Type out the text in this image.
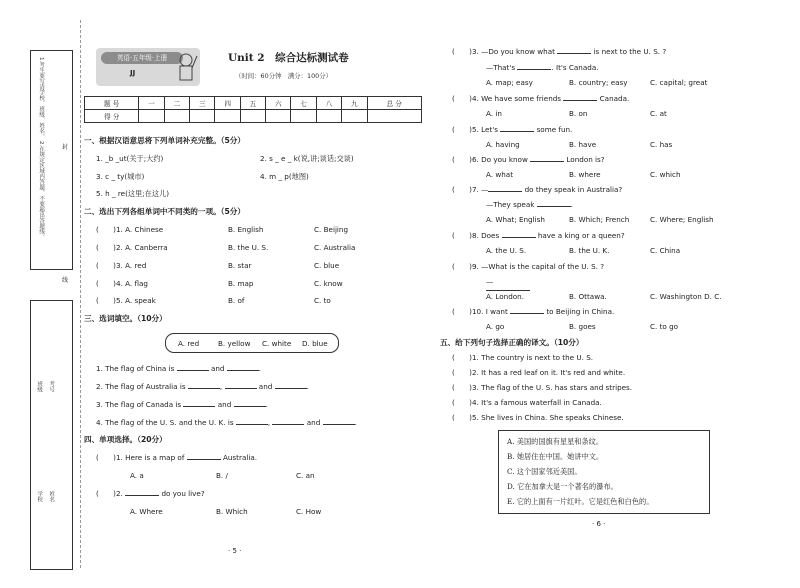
1.考生要写清学校、班级、姓名。 2.在规定区域内答题，不要超出答题线。	封
线
学校 姓名
班级 考号
英语·五年级·上册
JJ
Unit 2　综合达标测试卷
（时间：60分钟　满分：100分）
题 号	一	二	三	四	五	六	七	八	九	总 分
得 分										
一、根据汉语意思将下列单词补充完整。（5分）
1. _b _ut(关于;大约)	2. s _ e _ k(说,讲;谈话;交谈)
3. c _ ty(城市)	4. m _ p(地图)
5. h _ re(这里;在这儿)
二、选出下列各组单词中不同类的一项。（5分）
(　　)1. A. Chinese	B. English	C. Beijing
(　　)2. A. Canberra	B. the U. S.	C. Australia
(　　)3. A. red	B. star	C. blue
(　　)4. A. flag	B. map	C. know
(　　)5. A. speak	B. of	C. to
三、选词填空。（10分）
A. red	B. yellow C. white D. blue
1. The flag of China is	and	.
2. The flag of Australia is	,	and	.
3. The flag of Canada is	and	.
4. The flag of the U. S. and the U. K. is	,	and	.
四、单项选择。（20分）
(　　)1. Here is a map of	Australia.
A. a	B. /	C. an
(　　)2.	do you live?
A. Where	B. Which	C. How
· 5 ·
(　　)3. —Do you know what	is next to the U. S. ?
—That's	. It's Canada.
A. map; easy	B. country; easy	C. capital; great
(　　)4. We have some friends	Canada.
A. in	B. on	C. at
(　　)5. Let's	some fun.
A. having	B. have	C. has
(　　)6. Do you know	London is?
A. what	B. where	C. which
(　　)7. —	do they speak in Australia?
—They speak	.
A. What; English	B. Which; French	C. Where; English
(　　)8. Does	have a king or a queen?
A. the U. S.	B. the U. K.	C. China
(　　)9. —What is the capital of the U. S. ?
—

A. London.	B. Ottawa.	C. Washington D. C.
(　　)10. I want	to Beijing in China.
A. go	B. goes	C. to go
五、给下列句子选择正确的译文。（10分）
(　　)1. The country is next to the U. S.
(　　)2. It has a red leaf on it. It's red and white.
(　　)3. The flag of the U. S. has stars and stripes.
(　　)4. It's a famous waterfall in Canada.
(　　)5. She lives in China. She speaks Chinese.
A. 美国的国旗有星星和条纹。
B. 她居住在中国。她讲中文。
C. 这个国家邻近美国。
D. 它在加拿大是一个著名的瀑布。
E. 它的上面有一片红叶。它是红色和白色的。
· 6 ·
